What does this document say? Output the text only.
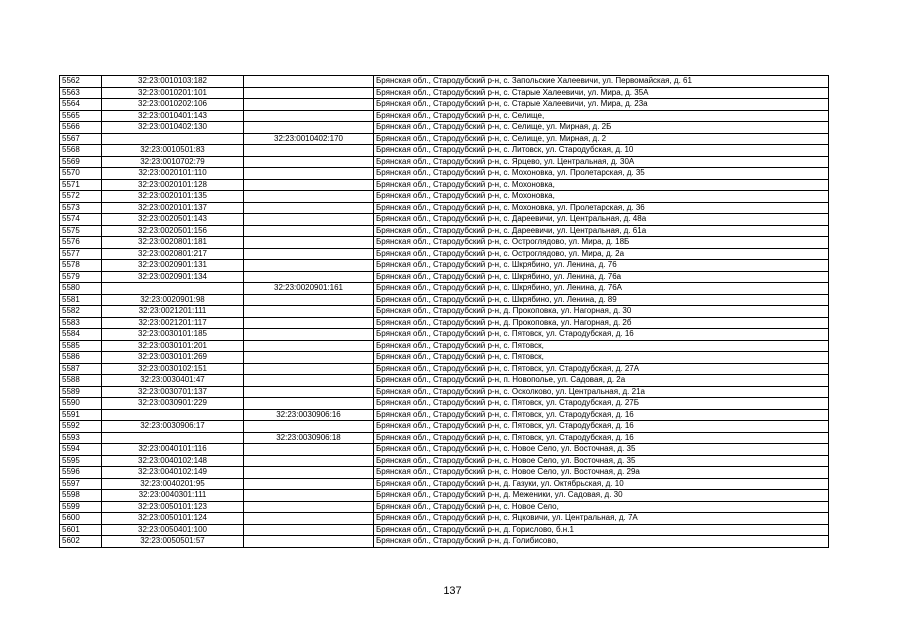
5562	32:23:0010103:182		Брянская обл., Стародубский р-н, с. Запольские Халеевичи, ул. Первомайская, д. 61
5563	32:23:0010201:101		Брянская обл., Стародубский р-н, с. Старые Халеевичи, ул. Мира, д. 35А
5564	32:23:0010202:106		Брянская обл., Стародубский р-н, с. Старые Халеевичи, ул. Мира, д. 23а
5565	32:23:0010401:143		Брянская обл., Стародубский р-н, с. Селище,
5566	32:23:0010402:130		Брянская обл., Стародубский р-н, с. Селище, ул. Мирная, д. 2Б
5567		32:23:0010402:170	Брянская обл., Стародубский р-н, с. Селище, ул. Мирная, д. 2
5568	32:23:0010501:83		Брянская обл., Стародубский р-н, с. Литовск, ул. Стародубская, д. 10
5569	32:23:0010702:79		Брянская обл., Стародубский р-н, с. Ярцево, ул. Центральная, д. 30А
5570	32:23:0020101:110		Брянская обл., Стародубский р-н, с. Мохоновка, ул. Пролетарская, д. 35
5571	32:23:0020101:128		Брянская обл., Стародубский р-н, с. Мохоновка,
5572	32:23:0020101:135		Брянская обл., Стародубский р-н, с. Мохоновка,
5573	32:23:0020101:137		Брянская обл., Стародубский р-н, с. Мохоновка, ул. Пролетарская, д. 36
5574	32:23:0020501:143		Брянская обл., Стародубский р-н, с. Дареевичи, ул. Центральная, д. 48а
5575	32:23:0020501:156		Брянская обл., Стародубский р-н, с. Дареевичи, ул. Центральная, д. 61а
5576	32:23:0020801:181		Брянская обл., Стародубский р-н, с. Остроглядово, ул. Мира, д. 18Б
5577	32:23:0020801:217		Брянская обл., Стародубский р-н, с. Остроглядово, ул. Мира, д. 2а
5578	32:23:0020901:131		Брянская обл., Стародубский р-н, с. Шкрябино, ул. Ленина, д. 76
5579	32:23:0020901:134		Брянская обл., Стародубский р-н, с. Шкрябино, ул. Ленина, д. 76а
5580		32:23:0020901:161	Брянская обл., Стародубский р-н, с. Шкрябино, ул. Ленина, д. 76А
5581	32:23:0020901:98		Брянская обл., Стародубский р-н, с. Шкрябино, ул. Ленина, д. 89
5582	32:23:0021201:111		Брянская обл., Стародубский р-н, д. Прокоповка, ул. Нагорная, д. 30
5583	32:23:0021201:117		Брянская обл., Стародубский р-н, д. Прокоповка, ул. Нагорная, д. 2б
5584	32:23:0030101:185		Брянская обл., Стародубский р-н, с. Пятовск, ул. Стародубская, д. 16
5585	32:23:0030101:201		Брянская обл., Стародубский р-н, с. Пятовск,
5586	32:23:0030101:269		Брянская обл., Стародубский р-н, с. Пятовск,
5587	32:23:0030102:151		Брянская обл., Стародубский р-н, с. Пятовск, ул. Стародубская, д. 27А
5588	32:23:0030401:47		Брянская обл., Стародубский р-н, п. Новополье, ул. Садовая, д. 2а
5589	32:23:0030701:137		Брянская обл., Стародубский р-н, с. Осколково, ул. Центральная, д. 21а
5590	32:23:0030901:229		Брянская обл., Стародубский р-н, с. Пятовск, ул. Стародубская, д. 27Б
5591		32:23:0030906:16	Брянская обл., Стародубский р-н, с. Пятовск, ул. Стародубская, д. 16
5592	32:23:0030906:17		Брянская обл., Стародубский р-н, с. Пятовск, ул. Стародубская, д. 16
5593		32:23:0030906:18	Брянская обл., Стародубский р-н, с. Пятовск, ул. Стародубская, д. 16
5594	32:23:0040101:116		Брянская обл., Стародубский р-н, с. Новое Село, ул. Восточная, д. 35
5595	32:23:0040102:148		Брянская обл., Стародубский р-н, с. Новое Село, ул. Восточная, д. 35
5596	32:23:0040102:149		Брянская обл., Стародубский р-н, с. Новое Село, ул. Восточная, д. 29а
5597	32:23:0040201:95		Брянская обл., Стародубский р-н, д. Газуки, ул. Октябрьская, д. 10
5598	32:23:0040301:111		Брянская обл., Стародубский р-н, д. Меженики, ул. Садовая, д. 30
5599	32:23:0050101:123		Брянская обл., Стародубский р-н, с. Новое Село,
5600	32:23:0050101:124		Брянская обл., Стародубский р-н, с. Яцковичи, ул. Центральная, д. 7А
5601	32:23:0050401:100		Брянская обл., Стародубский р-н, д. Горислово, б.н.1
5602	32:23:0050501:57		Брянская обл., Стародубский р-н, д. Голибисово,
137
